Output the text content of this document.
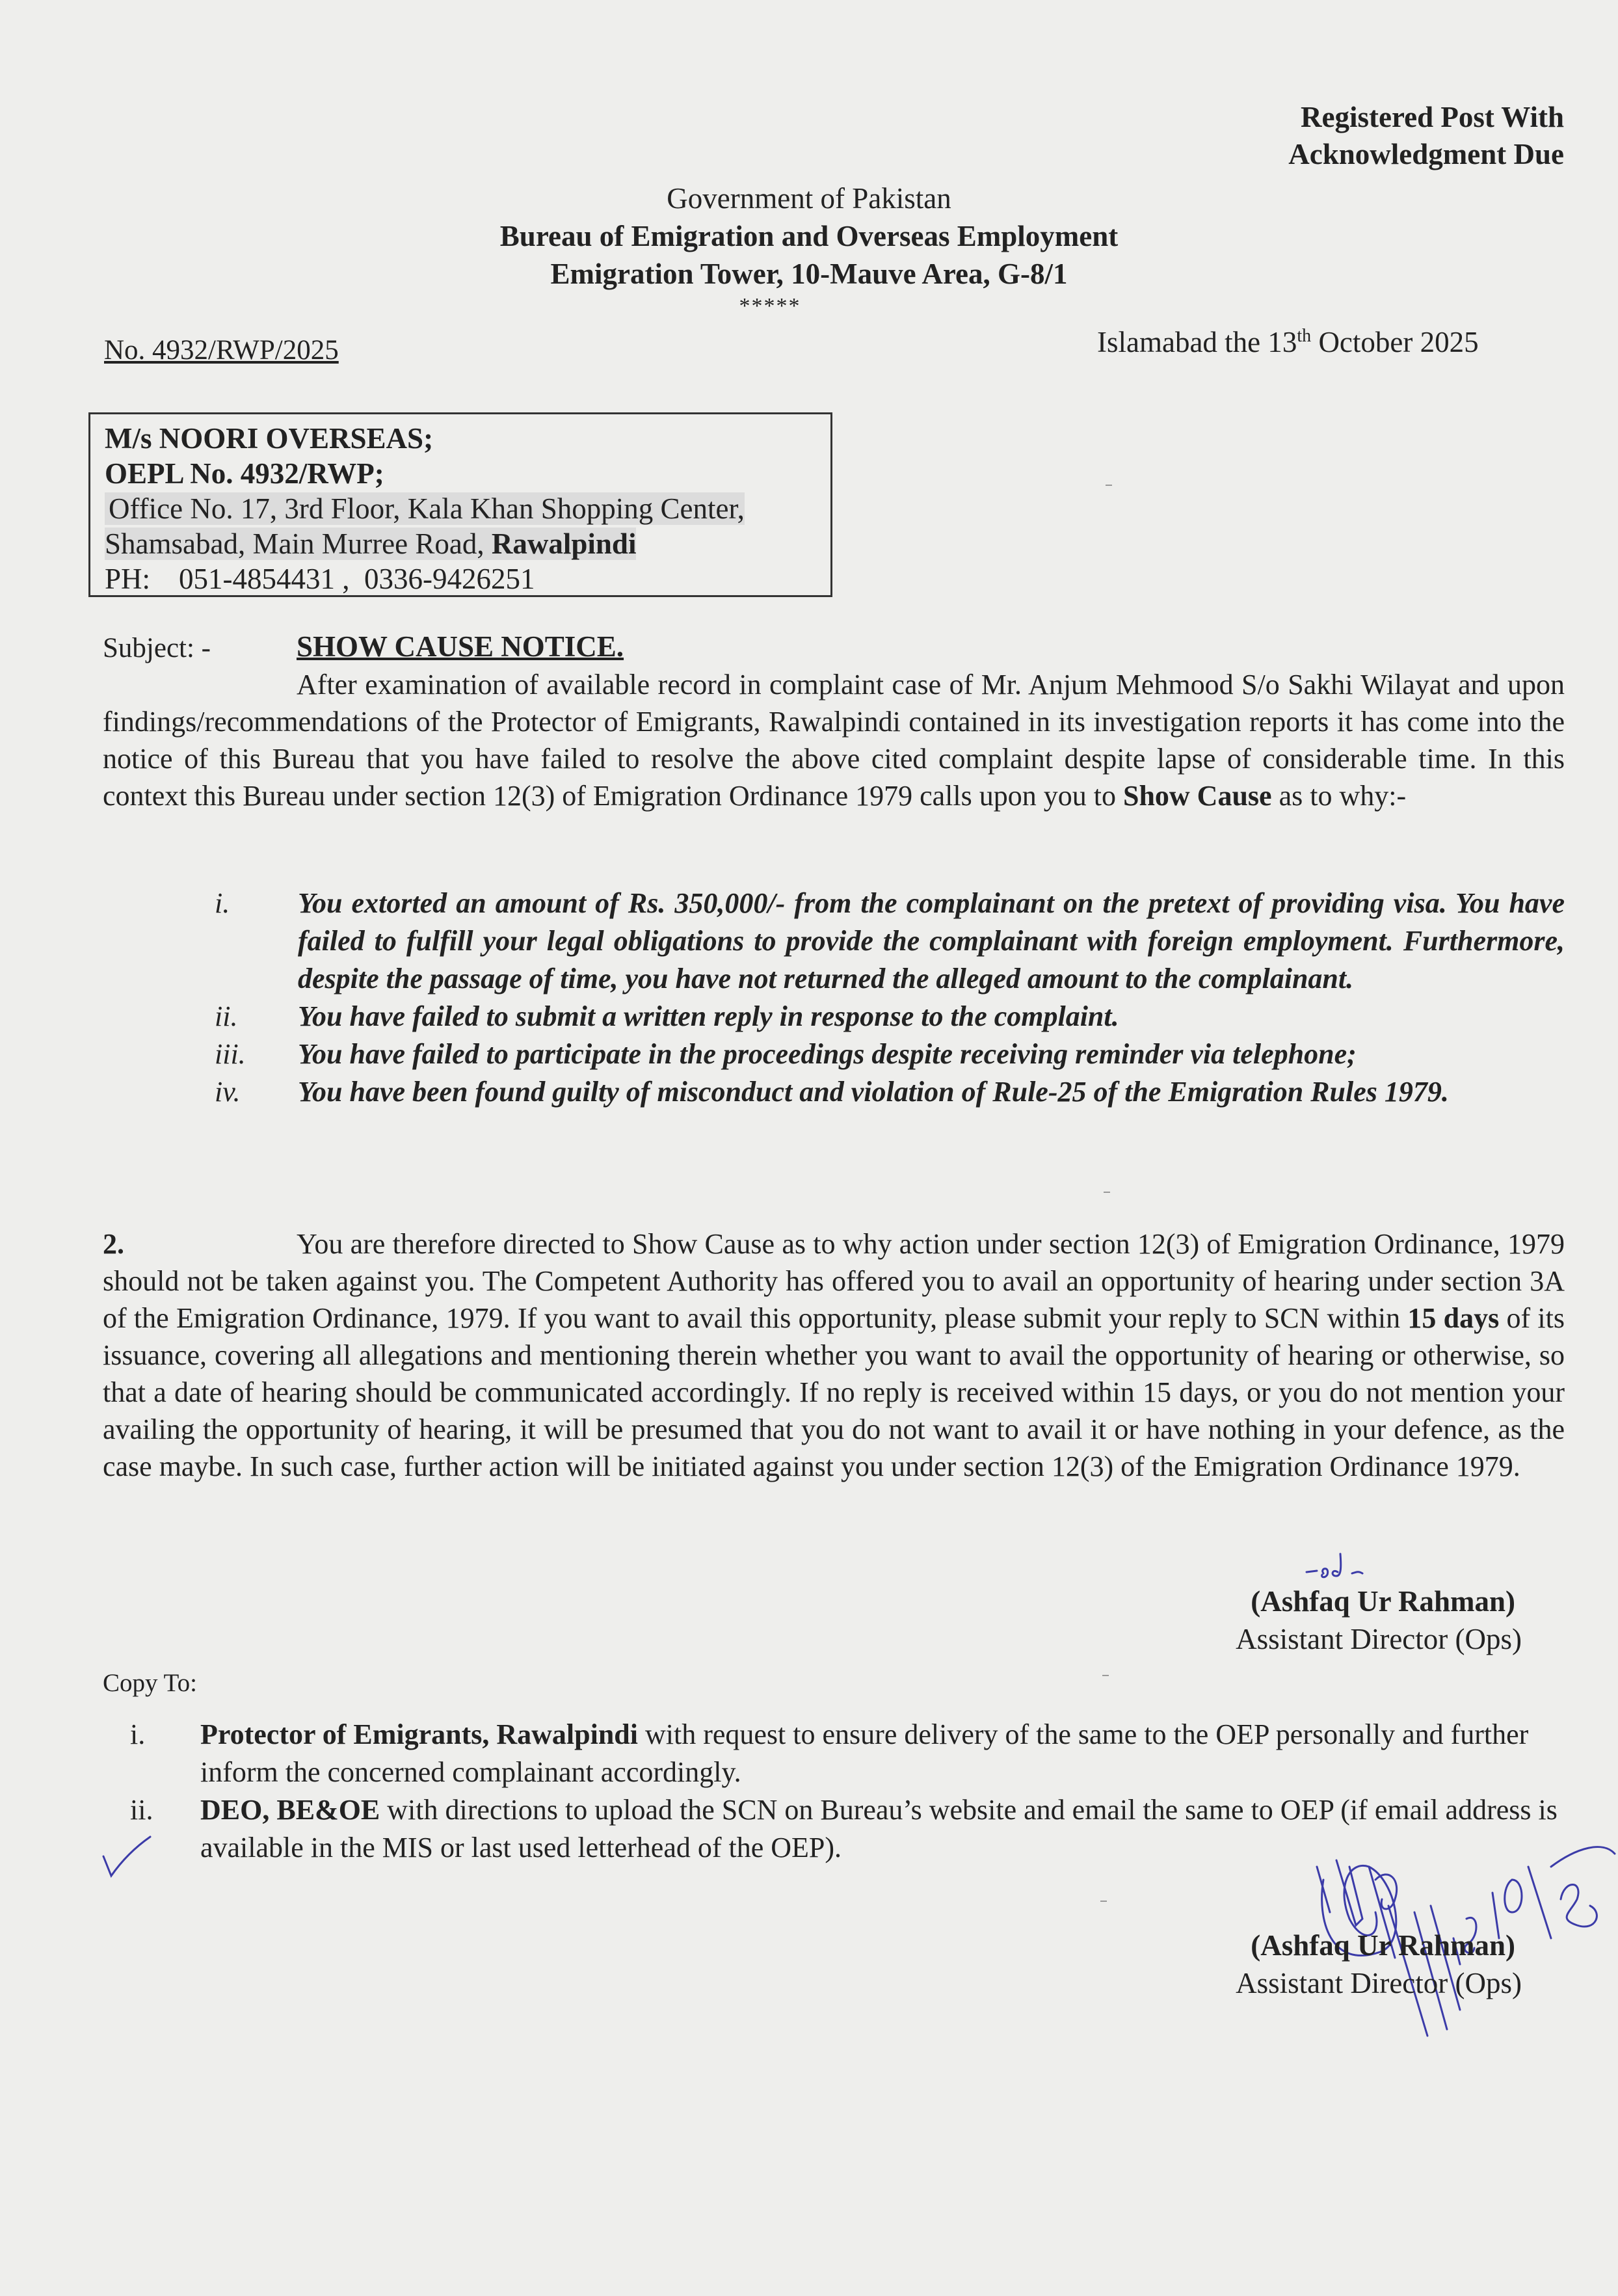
Registered Post With
Acknowledgment Due
Government of Pakistan
Bureau of Emigration and Overseas Employment
Emigration Tower, 10-Mauve Area, G-8/1
*****
No. 4932/RWP/2025	Islamabad the 13th October 2025
M/s NOORI OVERSEAS;
OEPL No. 4932/RWP;
Office No. 17, 3rd Floor, Kala Khan Shopping Center,
Shamsabad, Main Murree Road, Rawalpindi
PH: 051-4854431 ,  0336-9426251
Subject: -	SHOW CAUSE NOTICE.
After examination of available record in complaint case of Mr. Anjum Mehmood S/o Sakhi Wilayat and upon findings/recommendations of the Protector of Emigrants, Rawalpindi contained in its investigation reports it has come into the notice of this Bureau that you have failed to resolve the above cited complaint despite lapse of considerable time. In this context this Bureau under section 12(3) of Emigration Ordinance 1979 calls upon you to Show Cause as to why:-
i.	You extorted an amount of Rs. 350,000/- from the complainant on the pretext of providing visa. You have failed to fulfill your legal obligations to provide the complainant with foreign employment. Furthermore, despite the passage of time, you have not returned the alleged amount to the complainant.
ii.	You have failed to submit a written reply in response to the complaint.
iii.	You have failed to participate in the proceedings despite receiving reminder via telephone;
iv.	You have been found guilty of misconduct and violation of Rule-25 of the Emigration Rules 1979.
2.	You are therefore directed to Show Cause as to why action under section 12(3) of Emigration Ordinance, 1979 should not be taken against you. The Competent Authority has offered you to avail an opportunity of hearing under section 3A of the Emigration Ordinance, 1979. If you want to avail this opportunity, please submit your reply to SCN within 15 days of its issuance, covering all allegations and mentioning therein whether you want to avail the opportunity of hearing or otherwise, so that a date of hearing should be communicated accordingly. If no reply is received within 15 days, or you do not mention your availing the opportunity of hearing, it will be presumed that you do not want to avail it or have nothing in your defence, as the case maybe. In such case, further action will be initiated against you under section 12(3) of the Emigration Ordinance 1979.
(Ashfaq Ur Rahman)
Assistant Director (Ops)
Copy To:
i. Protector of Emigrants, Rawalpindi with request to ensure delivery of the same to the OEP personally and further inform the concerned complainant accordingly.
ii. DEO, BE&OE with directions to upload the SCN on Bureau’s website and email the same to OEP (if email address is available in the MIS or last used letterhead of the OEP).
(Ashfaq Ur Rahman)
Assistant Director (Ops)
